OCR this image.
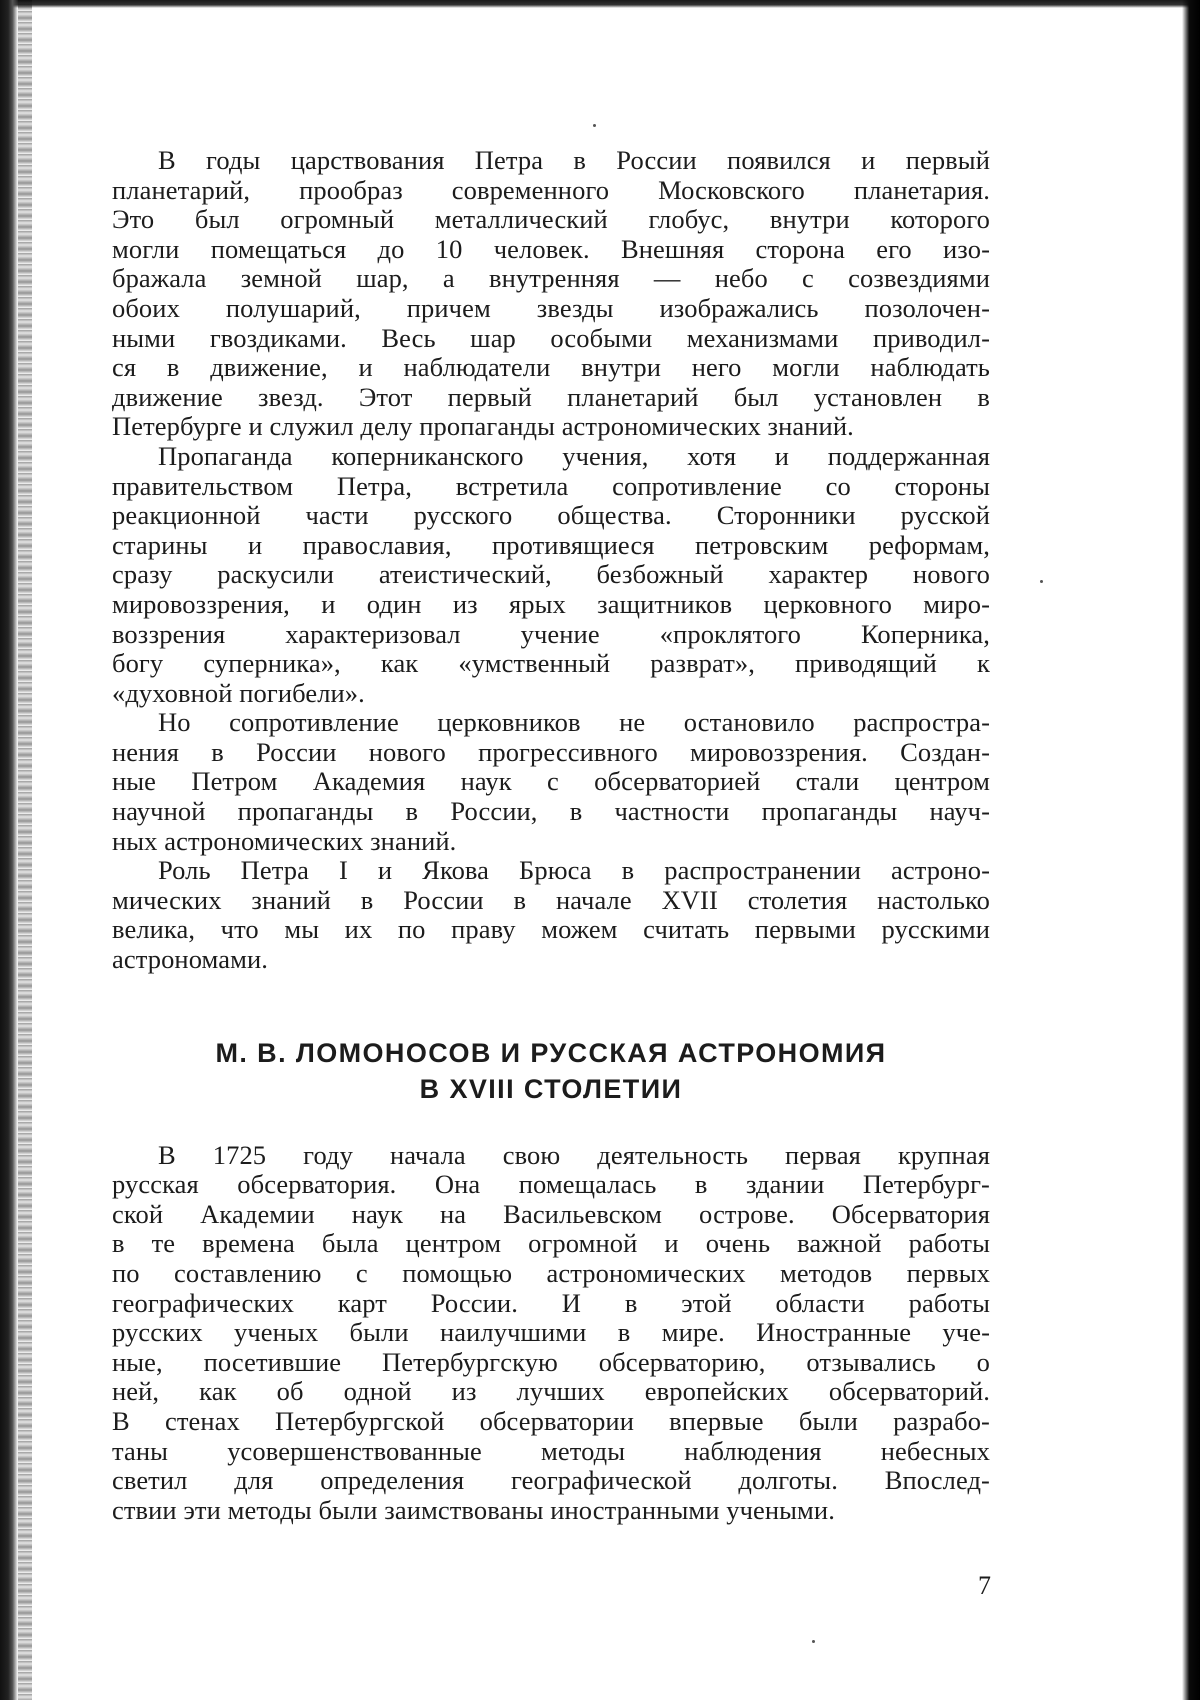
В годы царствования Петра в России появился и первый
планетарий, прообраз современного Московского планетария.
Это был огромный металлический глобус, внутри которого
могли помещаться до 10 человек. Внешняя сторона его изо-
бражала земной шар, а внутренняя — небо с созвездиями
обоих полушарий, причем звезды изображались позолочен-
ными гвоздиками. Весь шар особыми механизмами приводил-
ся в движение, и наблюдатели внутри него могли наблюдать
движение звезд. Этот первый планетарий был установлен в
Петербурге и служил делу пропаганды астрономических знаний.

Пропаганда коперниканского учения, хотя и поддержанная
правительством Петра, встретила сопротивление со стороны
реакционной части русского общества. Сторонники русской
старины и православия, противящиеся петровским реформам,
сразу раскусили атеистический, безбожный характер нового
мировоззрения, и один из ярых защитников церковного миро-
воззрения характеризовал учение «проклятого Коперника,
богу суперника», как «умственный разврат», приводящий к
«духовной погибели».

Но сопротивление церковников не остановило распростра-
нения в России нового прогрессивного мировоззрения. Создан-
ные Петром Академия наук с обсерваторией стали центром
научной пропаганды в России, в частности пропаганды науч-
ных астрономических знаний.

Роль Петра I и Якова Брюса в распространении астроно-
мических знаний в России в начале XVII столетия настолько
велика, что мы их по праву можем считать первыми русскими
астрономами.

М. В. ЛОМОНОСОВ И РУССКАЯ АСТРОНОМИЯ

В XVIII СТОЛЕТИИ

В 1725 году начала свою деятельность первая крупная
русская обсерватория. Она помещалась в здании Петербург-
ской Академии наук на Васильевском острове. Обсерватория
в те времена была центром огромной и очень важной работы
по составлению с помощью астрономических методов первых
географических карт России. И в этой области работы
русских ученых были наилучшими в мире. Иностранные уче-
ные, посетившие Петербургскую обсерваторию, отзывались о
ней, как об одной из лучших европейских обсерваторий.
В стенах Петербургской обсерватории впервые были разрабо-
таны усовершенствованные методы наблюдения небесных
светил для определения географической долготы. Впослед-
ствии эти методы были заимствованы иностранными учеными.

7
